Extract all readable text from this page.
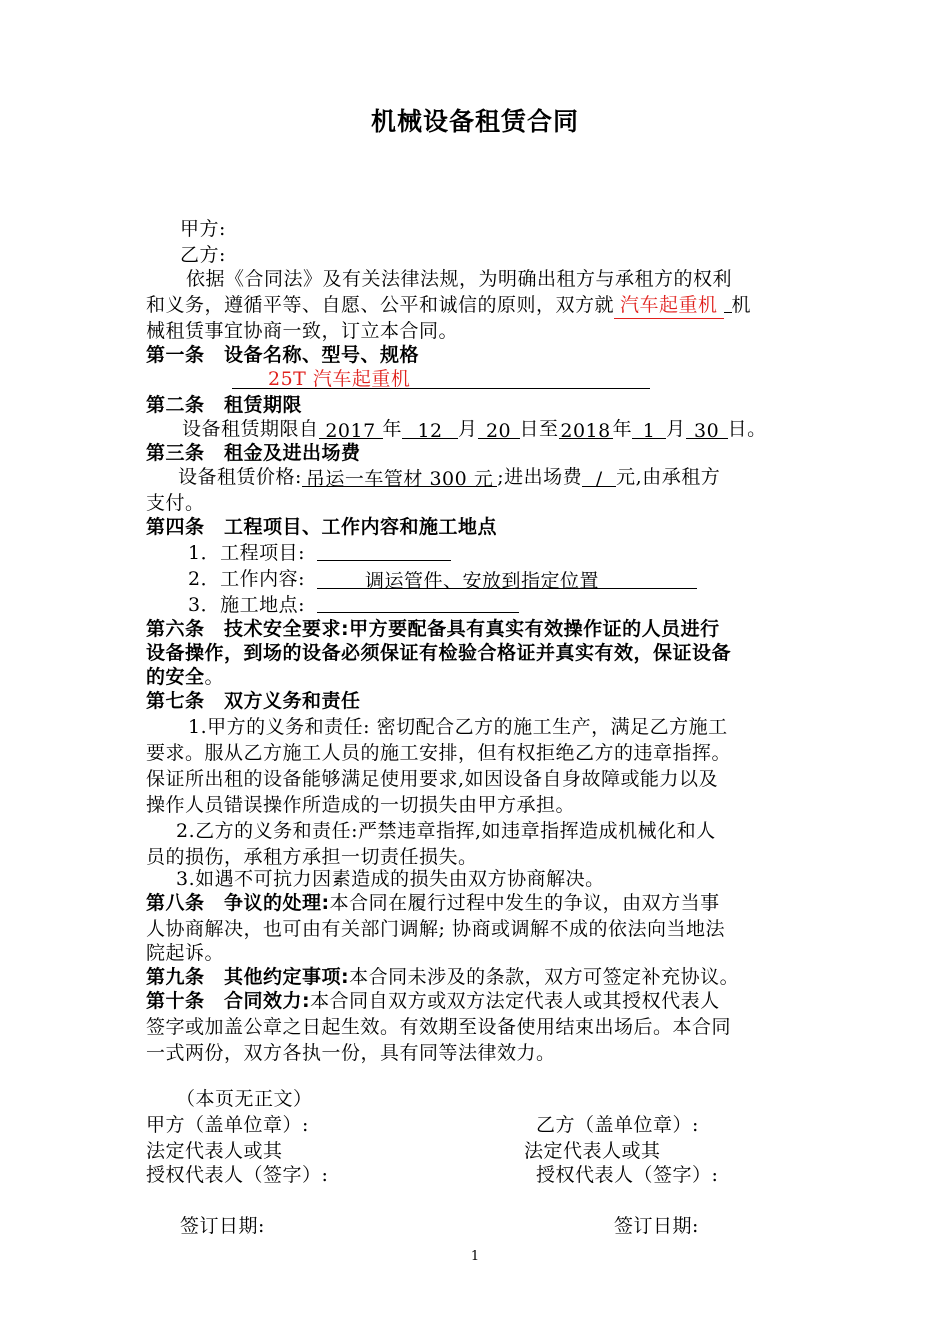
机械设备租赁合同
甲方:
乙方:
依据《合同法》及有关法律法规，为明确出租方与承租方的权利
和义务，遵循平等、自愿、公平和诚信的原则，双方就 汽车起重机 机
械租赁事宜协商一致，订立本合同。
第一条　设备名称、型号、规格
25T 汽车起重机
第二条　租赁期限
设备租赁期限自 2017 年 12 月 20 日至2018年 1 月 30 日。
第三条　租金及进出场费
设备租赁价格: 吊运一车管材 300 元 ;进出场费 / 元,由承租方
支付。
第四条　工程项目、工作内容和施工地点
1．工程项目:
2．工作内容:	调运管件、安放到指定位置
3．施工地点:
第六条　技术安全要求:甲方要配备具有真实有效操作证的人员进行
设备操作，到场的设备必须保证有检验合格证并真实有效，保证设备
的安全。
第七条　双方义务和责任
1.甲方的义务和责任: 密切配合乙方的施工生产，满足乙方施工
要求。服从乙方施工人员的施工安排，但有权拒绝乙方的违章指挥。
保证所出租的设备能够满足使用要求,如因设备自身故障或能力以及
操作人员错误操作所造成的一切损失由甲方承担。
2.乙方的义务和责任:严禁违章指挥,如违章指挥造成机械化和人
员的损伤，承租方承担一切责任损失。
3.如遇不可抗力因素造成的损失由双方协商解决。
第八条　争议的处理:本合同在履行过程中发生的争议，由双方当事
人协商解决，也可由有关部门调解; 协商或调解不成的依法向当地法
院起诉。
第九条　其他约定事项:本合同未涉及的条款，双方可签定补充协议。
第十条　合同效力:本合同自双方或双方法定代表人或其授权代表人
签字或加盖公章之日起生效。有效期至设备使用结束出场后。本合同
一式两份，双方各执一份，具有同等法律效力。
（本页无正文）
甲方（盖单位章）:	乙方（盖单位章）:
法定代表人或其	法定代表人或其
授权代表人（签字）:	授权代表人（签字）:
签订日期:	签订日期:
1
